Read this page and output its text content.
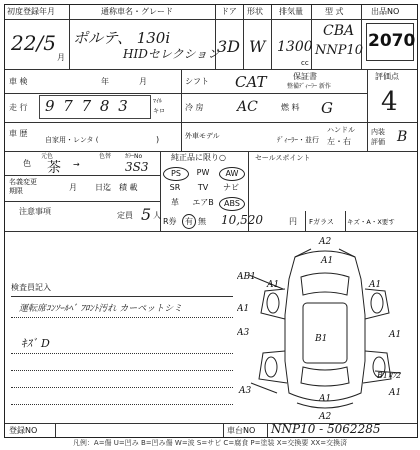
初度登録年月
22/5
月
通称車名・グレード
ポルテ、 130i
HIDセレクション
ドア
3D
形状
W
排気量
1300
cc
型 式
CBA
NNP10
出品NO
2070
車 検	年	月	シフト CAT	保証書
整備ﾃﾞｨｰﾗｰ 新作
評価点
4
走 行 9 7 7 8 3	ﾏｲﾙ
キロ 冷 房 AC	燃 料 G
車 歴
自家用・レンタ (	)	外車モデル	ﾃﾞｨｰﾗｰ・並行
ハンドル
左・右
内装 評価 B
色
元色
茶 →
色替 ｶﾗｰNo
3S3
純正品に限り○	セールスポイント
PS	PW	AW
SR	TV	ナビ
革	エアB	ABS
名義変更
期限	月 日迄 積 載
注意事項	定員 5 人
R券 有 無 10,520	円 Fガラス キズ・A・X要す
検査員記入
運転席ｺﾝｿｰﾙﾍﾞ ﾌﾛﾝﾄ汚れ カーペットシミ
ｷｽﾞ D
A2
A1
AB1
A1
A1
A3
A3
B1
A1
A1
B1ﾛﾌ2
A1
A1
A2
登録NO	車台NO NNP10 - 5062285
凡例：A=傷 U=凹み B=凹み傷 W=波 S=サビ C=腐食 P=塗装 X=交換要 XX=交換済
